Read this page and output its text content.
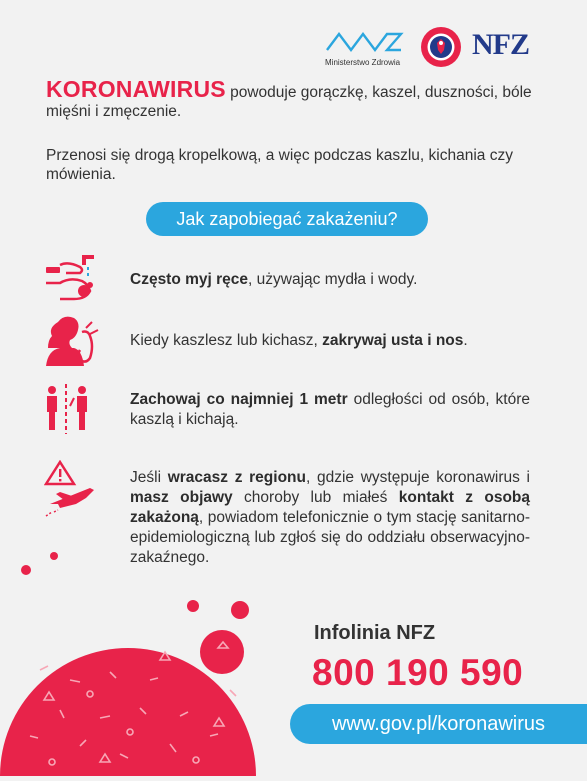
Ministerstwo Zdrowia
NFZ
KORONAWIRUS powoduje gorączkę, kaszel, duszności, bóle mięśni i zmęczenie.
Przenosi się drogą kropelkową, a więc podczas kaszlu, kichania czy mówienia.
Jak zapobiegać zakażeniu?
Często myj ręce, używając mydła i wody.
Kiedy kaszlesz lub kichasz, zakrywaj usta i nos.
Zachowaj co najmniej 1 metr odległości od osób, które kaszlą i kichają.
Jeśli wracasz z regionu, gdzie występuje koronawirus i masz objawy choroby lub miałeś kontakt z osobą zakażoną, powiadom telefonicznie o tym stację sanitarno-epidemiologiczną lub zgłoś się do oddziału obserwacyjno-zakaźnego.
Infolinia NFZ
800 190 590
www.gov.pl/koronawirus
